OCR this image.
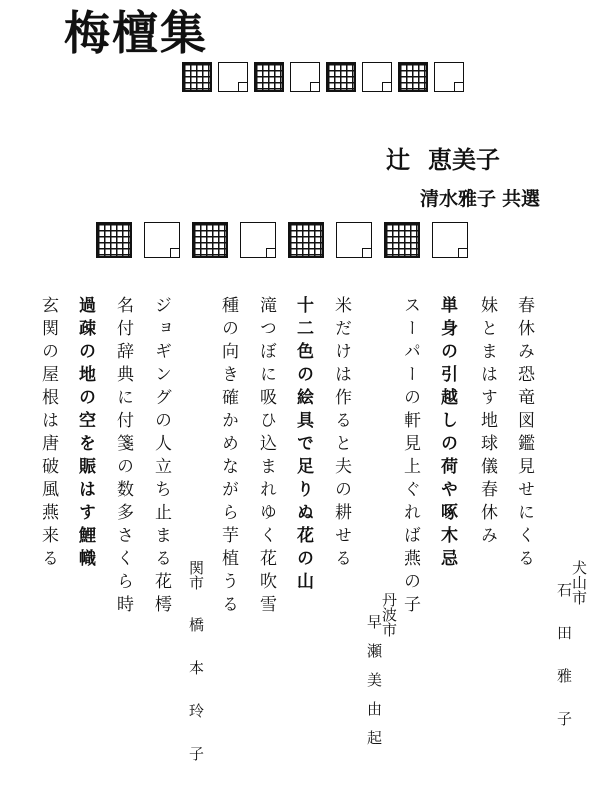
梅檀集
辻 恵美子
清水雅子 共選
春休み恐竜図鑑見せにくる
妹とまはす地球儀春休み
単身の引越しの荷や啄木忌
スーパーの軒見上ぐれば燕の子
米だけは作ると夫の耕せる
十二色の絵具で足りぬ花の山
滝つぼに吸ひ込まれゆく花吹雪
種の向き確かめながら芋植うる
ジョギングの人立ち止まる花樗
名付辞典に付箋の数多さくら時
過疎の地の空を賑はす鯉幟
玄関の屋根は唐破風燕来る
犬山市 石田雅子
丹波市 早瀬美由起
関市 橋本玲子
